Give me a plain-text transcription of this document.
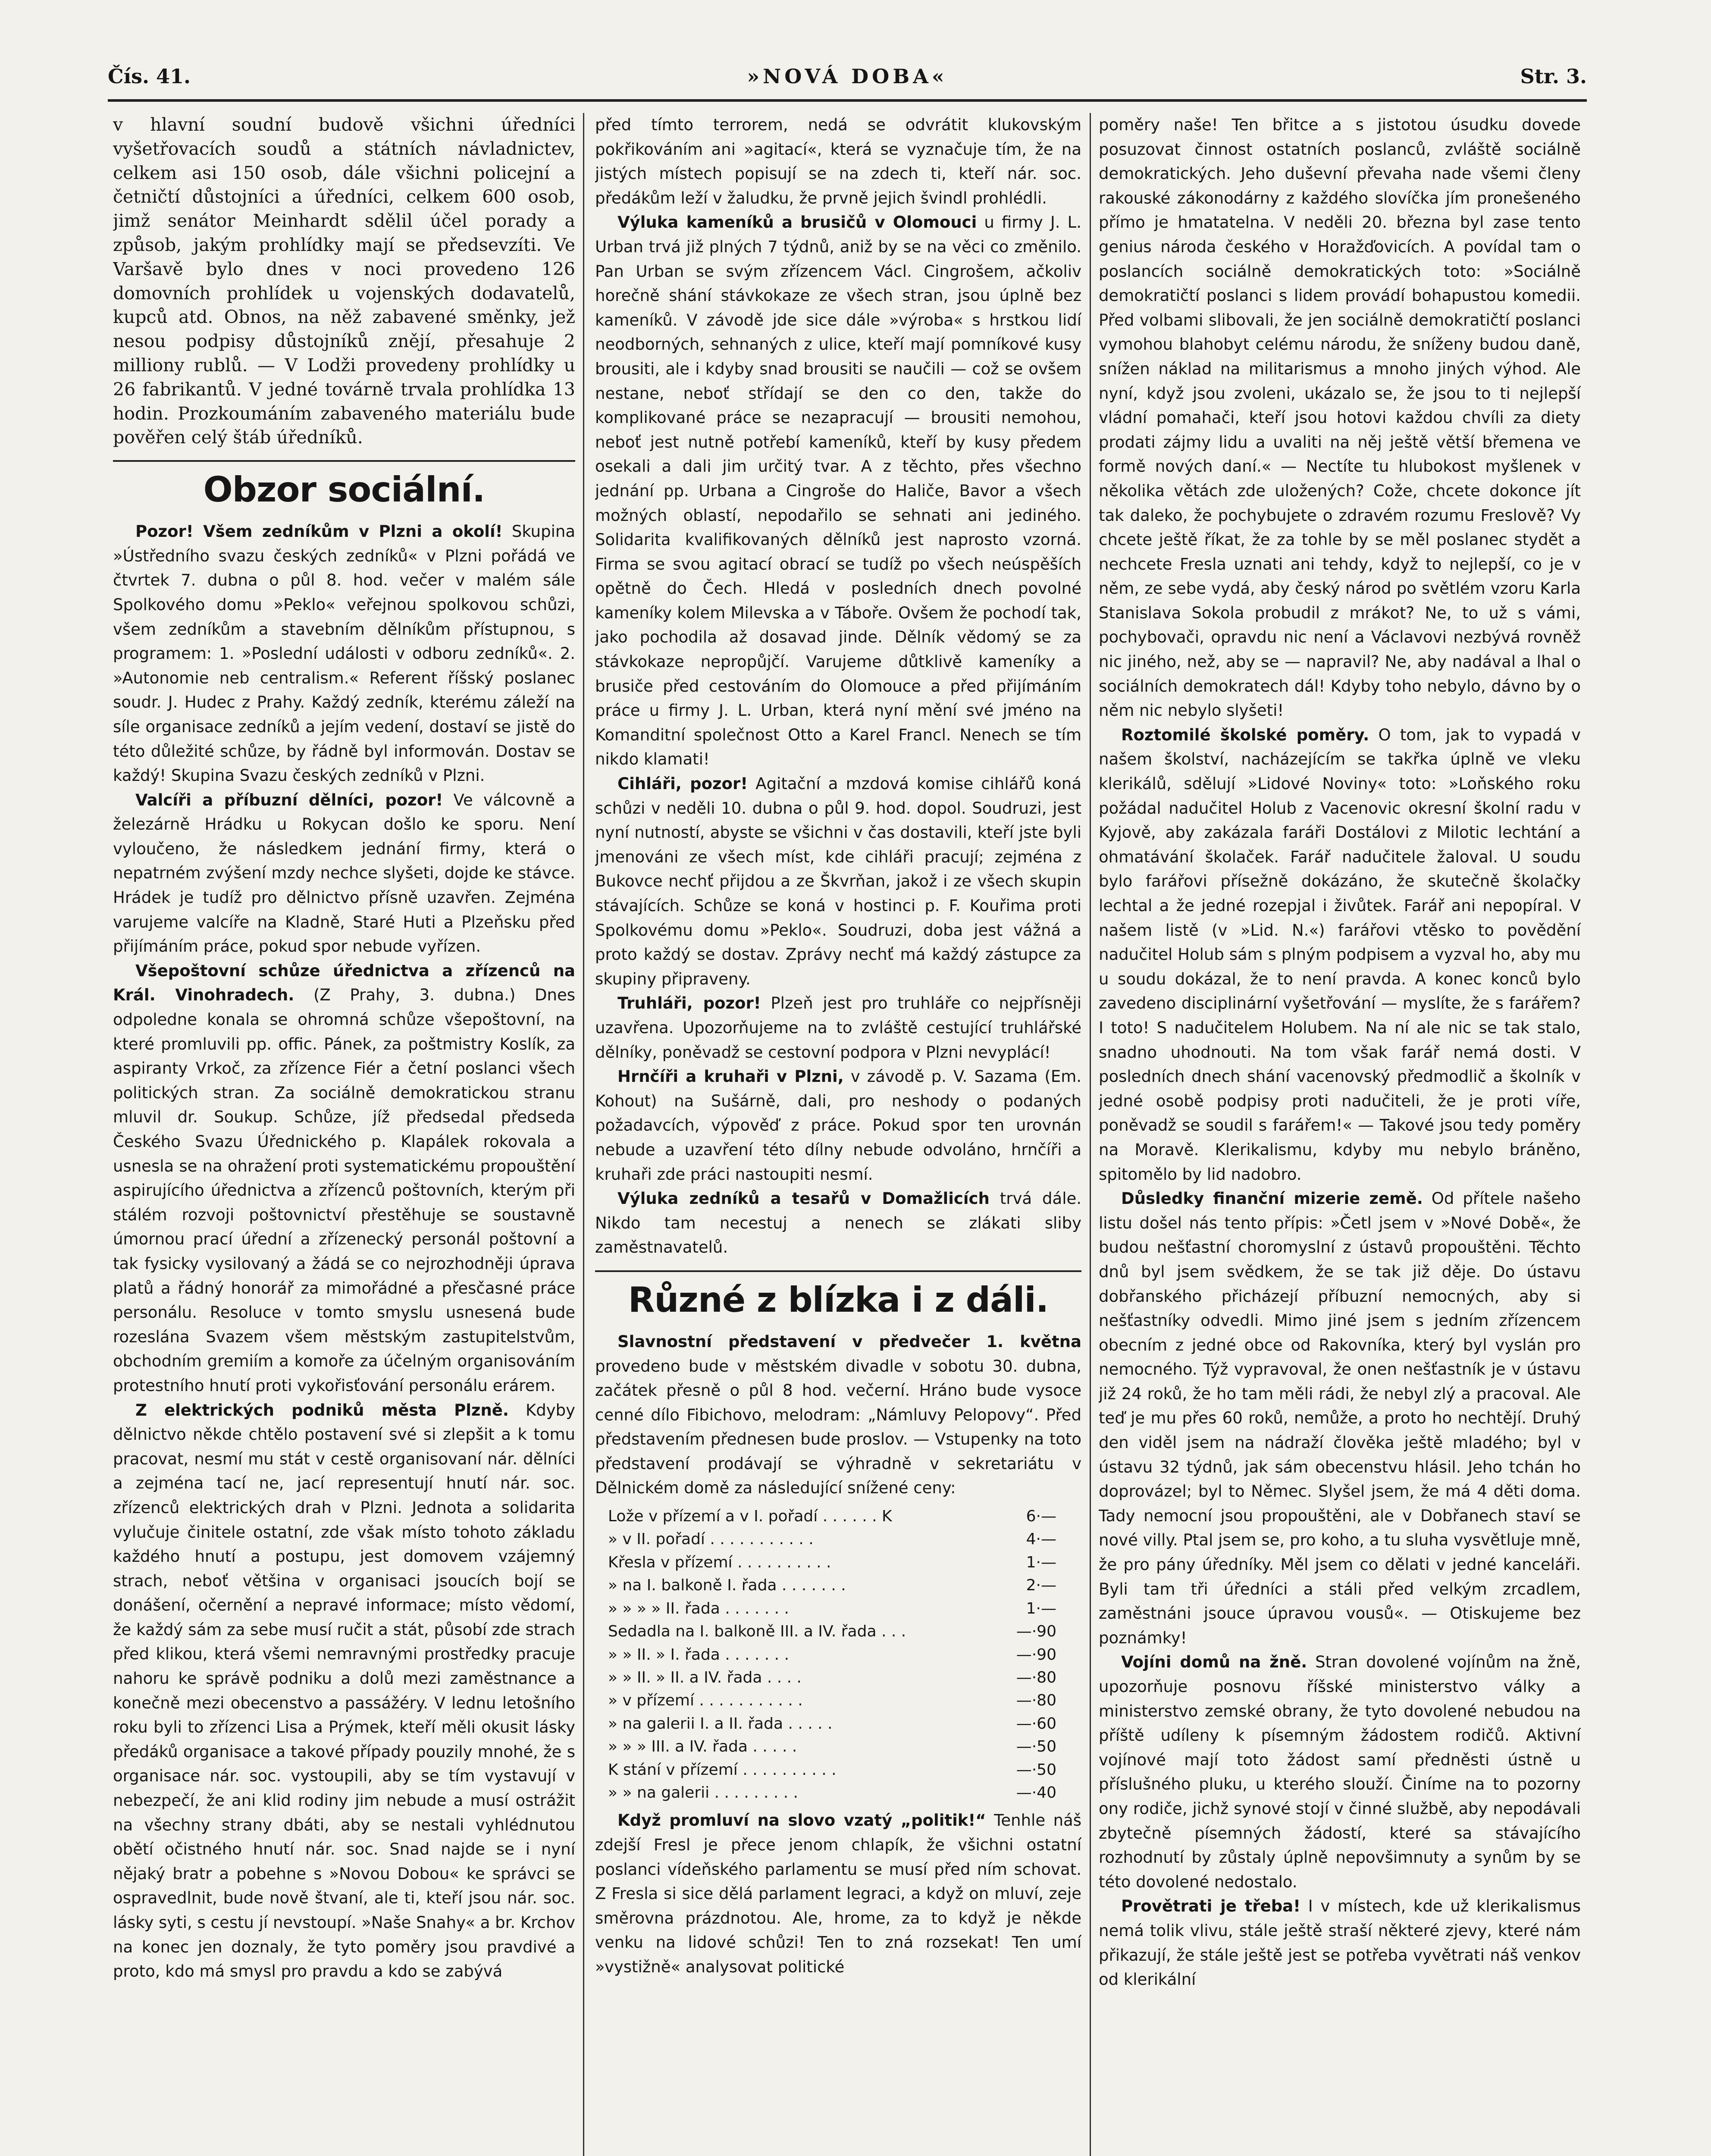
Čís. 41.	»NOVÁ DOBA«	Str. 3.

v hlavní soudní budově všichni úředníci vyšetřovacích soudů a státních návladnictev, celkem asi 150 osob, dále všichni policejní a četničtí důstojníci a úředníci, celkem 600 osob, jimž senátor Meinhardt sdělil účel porady a způsob, jakým prohlídky mají se předsevzíti. Ve Varšavě bylo dnes v noci provedeno 126 domovních prohlídek u vojenských dodavatelů, kupců atd. Obnos, na něž zabavené směnky, jež nesou podpisy důstojníků znějí, přesahuje 2 milliony rublů. — V Lodži provedeny prohlídky u 26 fabrikantů. V jedné továrně trvala prohlídka 13 hodin. Prozkoumáním zabaveného materiálu bude pověřen celý štáb úředníků.

Obzor sociální.

Pozor! Všem zedníkům v Plzni a okolí! Skupina »Ústředního svazu českých zedníků« v Plzni pořádá ve čtvrtek 7. dubna o půl 8. hod. večer v malém sále Spolkového domu »Peklo« veřejnou spolkovou schůzi, všem zedníkům a stavebním dělníkům přístupnou, s programem: 1. »Poslední události v odboru zedníků«. 2. »Autonomie neb centralism.« Referent říšský poslanec soudr. J. Hudec z Prahy. Každý zedník, kterému záleží na síle organisace zedníků a jejím vedení, dostaví se jistě do této důležité schůze, by řádně byl informován. Dostav se každý! Skupina Svazu českých zedníků v Plzni.

Valcíři a příbuzní dělníci, pozor! Ve válcovně a železárně Hrádku u Rokycan došlo ke sporu. Není vyloučeno, že následkem jednání firmy, která o nepatrném zvýšení mzdy nechce slyšeti, dojde ke stávce. Hrádek je tudíž pro dělnictvo přísně uzavřen. Zejména varujeme valcíře na Kladně, Staré Huti a Plzeňsku před přijímáním práce, pokud spor nebude vyřízen.

Všepoštovní schůze úřednictva a zřízenců na Král. Vinohradech. (Z Prahy, 3. dubna.) Dnes odpoledne konala se ohromná schůze všepoštovní, na které promluvili pp. offic. Pánek, za poštmistry Koslík, za aspiranty Vrkoč, za zřízence Fiér a četní poslanci všech politických stran. Za sociálně demokratickou stranu mluvil dr. Soukup. Schůze, jíž předsedal předseda Českého Svazu Úřednického p. Klapálek rokovala a usnesla se na ohražení proti systematickému propouštění aspirujícího úřednictva a zřízenců poštovních, kterým při stálém rozvoji poštovnictví přestěhuje se soustavně úmornou prací úřední a zřízenecký personál poštovní a tak fysicky vysilovaný a žádá se co nejrozhodněji úprava platů a řádný honorář za mimořádné a přesčasné práce personálu. Resoluce v tomto smyslu usnesená bude rozeslána Svazem všem městským zastupitelstvům, obchodním gremiím a komoře za účelným organisováním protestního hnutí proti vykořisťování personálu erárem.

Z elektrických podniků města Plzně. Kdyby dělnictvo někde chtělo postavení své si zlepšit a k tomu pracovat, nesmí mu stát v cestě organisovaní nár. dělníci a zejména tací ne, jací representují hnutí nár. soc. zřízenců elektrických drah v Plzni. Jednota a solidarita vylučuje činitele ostatní, zde však místo tohoto základu každého hnutí a postupu, jest domovem vzájemný strach, neboť většina v organisaci jsoucích bojí se donášení, očernění a nepravé informace; místo vědomí, že každý sám za sebe musí ručit a stát, působí zde strach před klikou, která všemi nemravnými prostředky pracuje nahoru ke správě podniku a dolů mezi zaměstnance a konečně mezi obecenstvo a passážéry. V lednu letošního roku byli to zřízenci Lisa a Prýmek, kteří měli okusit lásky předáků organisace a takové případy pouzily mnohé, že s organisace nár. soc. vystoupili, aby se tím vystavují v nebezpečí, že ani klid rodiny jim nebude a musí ostrážit na všechny strany dbáti, aby se nestali vyhlédnutou obětí očistného hnutí nár. soc. Snad najde se i nyní nějaký bratr a pobehne s »Novou Dobou« ke správci se ospravedlnit, bude nově štvaní, ale ti, kteří jsou nár. soc. lásky syti, s cestu jí nevstoupí. »Naše Snahy« a br. Krchov na konec jen doznaly, že tyto poměry jsou pravdivé a proto, kdo má smysl pro pravdu a kdo se zabývá

před tímto terrorem, nedá se odvrátit klukovským pokřikováním ani »agitací«, která se vyznačuje tím, že na jistých místech popisují se na zdech ti, kteří nár. soc. předákům leží v žaludku, že prvně jejich švindl prohlédli.

Výluka kameníků a brusičů v Olomouci u firmy J. L. Urban trvá již plných 7 týdnů, aniž by se na věci co změnilo. Pan Urban se svým zřízencem Václ. Cingrošem, ačkoliv horečně shání stávkokaze ze všech stran, jsou úplně bez kameníků. V závodě jde sice dále »výroba« s hrstkou lidí neodborných, sehnaných z ulice, kteří mají pomníkové kusy brousiti, ale i kdyby snad brousiti se naučili — což se ovšem nestane, neboť střídají se den co den, takže do komplikované práce se nezapracují — brousiti nemohou, neboť jest nutně potřebí kameníků, kteří by kusy předem osekali a dali jim určitý tvar. A z těchto, přes všechno jednání pp. Urbana a Cingroše do Haliče, Bavor a všech možných oblastí, nepodařilo se sehnati ani jediného. Solidarita kvalifikovaných dělníků jest naprosto vzorná. Firma se svou agitací obrací se tudíž po všech neúspěších opětně do Čech. Hledá v posledních dnech povolné kameníky kolem Milevska a v Táboře. Ovšem že pochodí tak, jako pochodila až dosavad jinde. Dělník vědomý se za stávkokaze nepropůjčí. Varujeme důtklivě kameníky a brusiče před cestováním do Olomouce a před přijímáním práce u firmy J. L. Urban, která nyní mění své jméno na Komanditní společnost Otto a Karel Francl. Nenech se tím nikdo klamati!

Cihláři, pozor! Agitační a mzdová komise cihlářů koná schůzi v neděli 10. dubna o půl 9. hod. dopol. Soudruzi, jest nyní nutností, abyste se všichni v čas dostavili, kteří jste byli jmenováni ze všech míst, kde cihláři pracují; zejména z Bukovce nechť přijdou a ze Škvrňan, jakož i ze všech skupin stávajících. Schůze se koná v hostinci p. F. Kouřima proti Spolkovému domu »Peklo«. Soudruzi, doba jest vážná a proto každý se dostav. Zprávy nechť má každý zástupce za skupiny připraveny.

Truhláři, pozor! Plzeň jest pro truhláře co nejpřísněji uzavřena. Upozorňujeme na to zvláště cestující truhlářské dělníky, poněvadž se cestovní podpora v Plzni nevyplácí!

Hrnčíři a kruhaři v Plzni, v závodě p. V. Sazama (Em. Kohout) na Sušárně, dali, pro neshody o podaných požadavcích, výpověď z práce. Pokud spor ten urovnán nebude a uzavření této dílny nebude odvoláno, hrnčíři a kruhaři zde práci nastoupiti nesmí.

Výluka zedníků a tesařů v Domažlicích trvá dále. Nikdo tam necestuj a nenech se zlákati sliby zaměstnavatelů.

Různé z blízka i z dáli.

Slavnostní představení v předvečer 1. května provedeno bude v městském divadle v sobotu 30. dubna, začátek přesně o půl 8 hod. večerní. Hráno bude vysoce cenné dílo Fibichovo, melodram: „Námluvy Pelopovy“. Před představením přednesen bude proslov. — Vstupenky na toto představení prodávají se výhradně v sekretariátu v Dělnickém domě za následující snížené ceny:

Lože v přízemí a v I. pořadí . . . . . . K	6·—
» v II. pořadí . . . . . . . . . . .	4·—
Křesla v přízemí . . . . . . . . . .	1·—
» na I. balkoně I. řada . . . . . . .	2·—
» » » » II. řada . . . . . . .	1·—
Sedadla na I. balkoně III. a IV. řada . . .	—·90
» » II. » I. řada . . . . . . .	—·90
» » II. » II. a IV. řada . . . .	—·80
» v přízemí . . . . . . . . . . .	—·80
» na galerii I. a II. řada . . . . .	—·60
» » » III. a IV. řada . . . . .	—·50
K stání v přízemí . . . . . . . . . .	—·50
» » na galerii . . . . . . . . .	—·40

Když promluví na slovo vzatý „politik!“ Tenhle náš zdejší Fresl je přece jenom chlapík, že všichni ostatní poslanci vídeňského parlamentu se musí před ním schovat. Z Fresla si sice dělá parlament legraci, a když on mluví, zeje směrovna prázdnotou. Ale, hrome, za to když je někde venku na lidové schůzi! Ten to zná rozsekat! Ten umí »vystižně« analysovat politické

poměry naše! Ten břitce a s jistotou úsudku dovede posuzovat činnost ostatních poslanců, zvláště sociálně demokratických. Jeho duševní převaha nade všemi členy rakouské zákonodárny z každého slovíčka jím pronešeného přímo je hmatatelna. V neděli 20. března byl zase tento genius národa českého v Horažďovicích. A povídal tam o poslancích sociálně demokratických toto: »Sociálně demokratičtí poslanci s lidem provádí bohapustou komedii. Před volbami slibovali, že jen sociálně demokratičtí poslanci vymohou blahobyt celému národu, že sníženy budou daně, snížen náklad na militarismus a mnoho jiných výhod. Ale nyní, když jsou zvoleni, ukázalo se, že jsou to ti nejlepší vládní pomahači, kteří jsou hotovi každou chvíli za diety prodati zájmy lidu a uvaliti na něj ještě větší břemena ve formě nových daní.« — Nectíte tu hlubokost myšlenek v několika větách zde uložených? Cože, chcete dokonce jít tak daleko, že pochybujete o zdravém rozumu Freslově? Vy chcete ještě říkat, že za tohle by se měl poslanec stydět a nechcete Fresla uznati ani tehdy, když to nejlepší, co je v něm, ze sebe vydá, aby český národ po světlém vzoru Karla Stanislava Sokola probudil z mrákot? Ne, to už s vámi, pochybovači, opravdu nic není a Václavovi nezbývá rovněž nic jiného, než, aby se — napravil? Ne, aby nadával a lhal o sociálních demokratech dál! Kdyby toho nebylo, dávno by o něm nic nebylo slyšeti!

Roztomilé školské poměry. O tom, jak to vypadá v našem školství, nacházejícím se takřka úplně ve vleku klerikálů, sdělují »Lidové Noviny« toto: »Loňského roku požádal nadučitel Holub z Vacenovic okresní školní radu v Kyjově, aby zakázala faráři Dostálovi z Milotic lechtání a ohmatávání školaček. Farář nadučitele žaloval. U soudu bylo farářovi přísežně dokázáno, že skutečně školačky lechtal a že jedné rozepjal i živůtek. Farář ani nepopíral. V našem listě (v »Lid. N.«) farářovi vtěsko to povědění nadučitel Holub sám s plným podpisem a vyzval ho, aby mu u soudu dokázal, že to není pravda. A konec konců bylo zavedeno disciplinární vyšetřování — myslíte, že s farářem? I toto! S nadučitelem Holubem. Na ní ale nic se tak stalo, snadno uhodnouti. Na tom však farář nemá dosti. V posledních dnech shání vacenovský předmodlič a školník v jedné osobě podpisy proti nadučiteli, že je proti víře, poněvadž se soudil s farářem!« — Takové jsou tedy poměry na Moravě. Klerikalismu, kdyby mu nebylo bráněno, spitomělo by lid nadobro.

Důsledky finanční mizerie země. Od přítele našeho listu došel nás tento přípis: »Četl jsem v »Nové Době«, že budou nešťastní choromyslní z ústavů propouštěni. Těchto dnů byl jsem svědkem, že se tak již děje. Do ústavu dobřanského přicházejí příbuzní nemocných, aby si nešťastníky odvedli. Mimo jiné jsem s jedním zřízencem obecním z jedné obce od Rakovníka, který byl vyslán pro nemocného. Týž vypravoval, že onen nešťastník je v ústavu již 24 roků, že ho tam měli rádi, že nebyl zlý a pracoval. Ale teď je mu přes 60 roků, nemůže, a proto ho nechtějí. Druhý den viděl jsem na nádraží člověka ještě mladého; byl v ústavu 32 týdnů, jak sám obecenstvu hlásil. Jeho tchán ho doprovázel; byl to Němec. Slyšel jsem, že má 4 děti doma. Tady nemocní jsou propouštěni, ale v Dobřanech staví se nové villy. Ptal jsem se, pro koho, a tu sluha vysvětluje mně, že pro pány úředníky. Měl jsem co dělati v jedné kanceláři. Byli tam tři úředníci a stáli před velkým zrcadlem, zaměstnáni jsouce úpravou vousů«. — Otiskujeme bez poznámky!

Vojíni domů na žně. Stran dovolené vojínům na žně, upozorňuje posnovu říšské ministerstvo války a ministerstvo zemské obrany, že tyto dovolené nebudou na příště udíleny k písemným žádostem rodičů. Aktivní vojínové mají toto žádost samí předněsti ústně u příslušného pluku, u kterého slouží. Činíme na to pozorny ony rodiče, jichž synové stojí v činné službě, aby nepodávali zbytečně písemných žádostí, které sa stávajícího rozhodnutí by zůstaly úplně nepovšimnuty a synům by se této dovolené nedostalo.

Provětrati je třeba! I v místech, kde už klerikalismus nemá tolik vlivu, stále ještě straší některé zjevy, které nám přikazují, že stále ještě jest se potřeba vyvětrati náš venkov od klerikální
